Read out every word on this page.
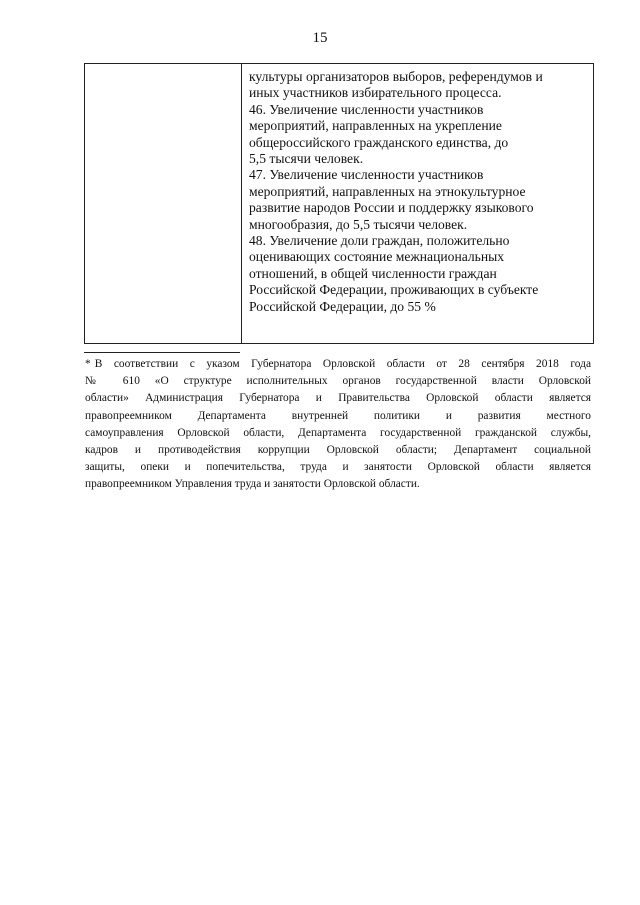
15
культуры организаторов выборов, референдумов и
иных участников избирательного процесса.
46. Увеличение численности участников
мероприятий, направленных на укрепление
общероссийского гражданского единства, до
5,5 тысячи человек.
47. Увеличение численности участников
мероприятий, направленных на этнокультурное
развитие народов России и поддержку языкового
многообразия, до 5,5 тысячи человек.
48. Увеличение доли граждан, положительно
оценивающих состояние межнациональных
отношений, в общей численности граждан
Российской Федерации, проживающих в субъекте
Российской Федерации, до 55 %
* В соответствии с указом Губернатора Орловской области от 28 сентября 2018 года
№ 610 «О структуре исполнительных органов государственной власти Орловской
области» Администрация Губернатора и Правительства Орловской области является
правопреемником Департамента внутренней политики и развития местного
самоуправления Орловской области, Департамента государственной гражданской службы,
кадров и противодействия коррупции Орловской области; Департамент социальной
защиты, опеки и попечительства, труда и занятости Орловской области является
правопреемником Управления труда и занятости Орловской области.
